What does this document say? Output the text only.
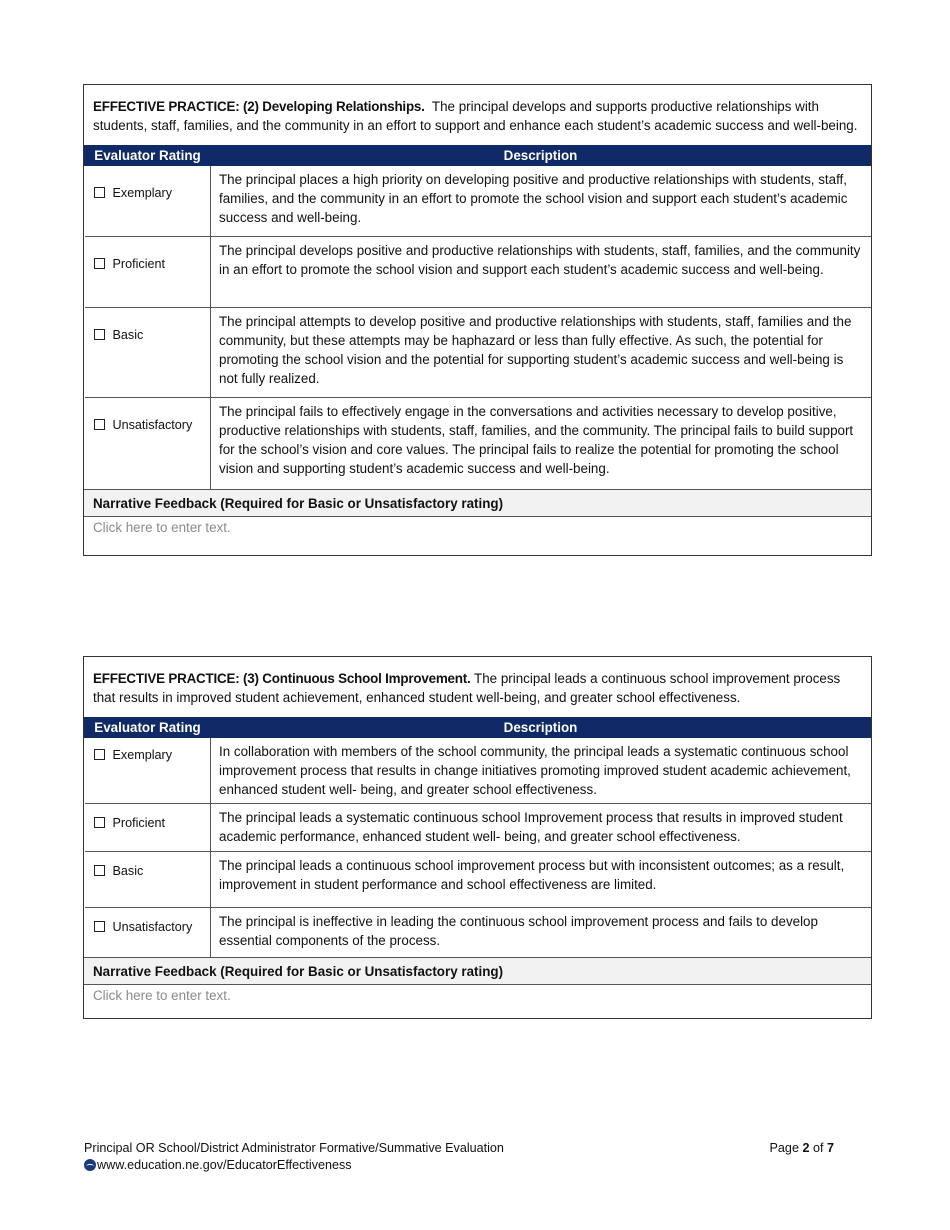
EFFECTIVE PRACTICE: (2) Developing Relationships. The principal develops and supports productive relationships with students, staff, families, and the community in an effort to support and enhance each student’s academic success and well-being.
Evaluator Rating	Description
Exemplary	The principal places a high priority on developing positive and productive relationships with students, staff, families, and the community in an effort to promote the school vision and support each student’s academic success and well-being.
Proficient	The principal develops positive and productive relationships with students, staff, families, and the community in an effort to promote the school vision and support each student’s academic success and well-being.
Basic	The principal attempts to develop positive and productive relationships with students, staff, families and the community, but these attempts may be haphazard or less than fully effective. As such, the potential for promoting the school vision and the potential for supporting student’s academic success and well-being is not fully realized.
Unsatisfactory	The principal fails to effectively engage in the conversations and activities necessary to develop positive, productive relationships with students, staff, families, and the community. The principal fails to build support for the school’s vision and core values. The principal fails to realize the potential for promoting the school vision and supporting student’s academic success and well-being.
Narrative Feedback (Required for Basic or Unsatisfactory rating)
Click here to enter text.
EFFECTIVE PRACTICE: (3) Continuous School Improvement. The principal leads a continuous school improvement process that results in improved student achievement, enhanced student well-being, and greater school effectiveness.
Evaluator Rating	Description
Exemplary	In collaboration with members of the school community, the principal leads a systematic continuous school improvement process that results in change initiatives promoting improved student academic achievement, enhanced student well- being, and greater school effectiveness.
Proficient	The principal leads a systematic continuous school Improvement process that results in improved student academic performance, enhanced student well- being, and greater school effectiveness.
Basic	The principal leads a continuous school improvement process but with inconsistent outcomes; as a result, improvement in student performance and school effectiveness are limited.
Unsatisfactory	The principal is ineffective in leading the continuous school improvement process and fails to develop essential components of the process.
Narrative Feedback (Required for Basic or Unsatisfactory rating)
Click here to enter text.
Principal OR School/District Administrator Formative/Summative Evaluation	Page 2 of 7
www.education.ne.gov/EducatorEffectiveness
